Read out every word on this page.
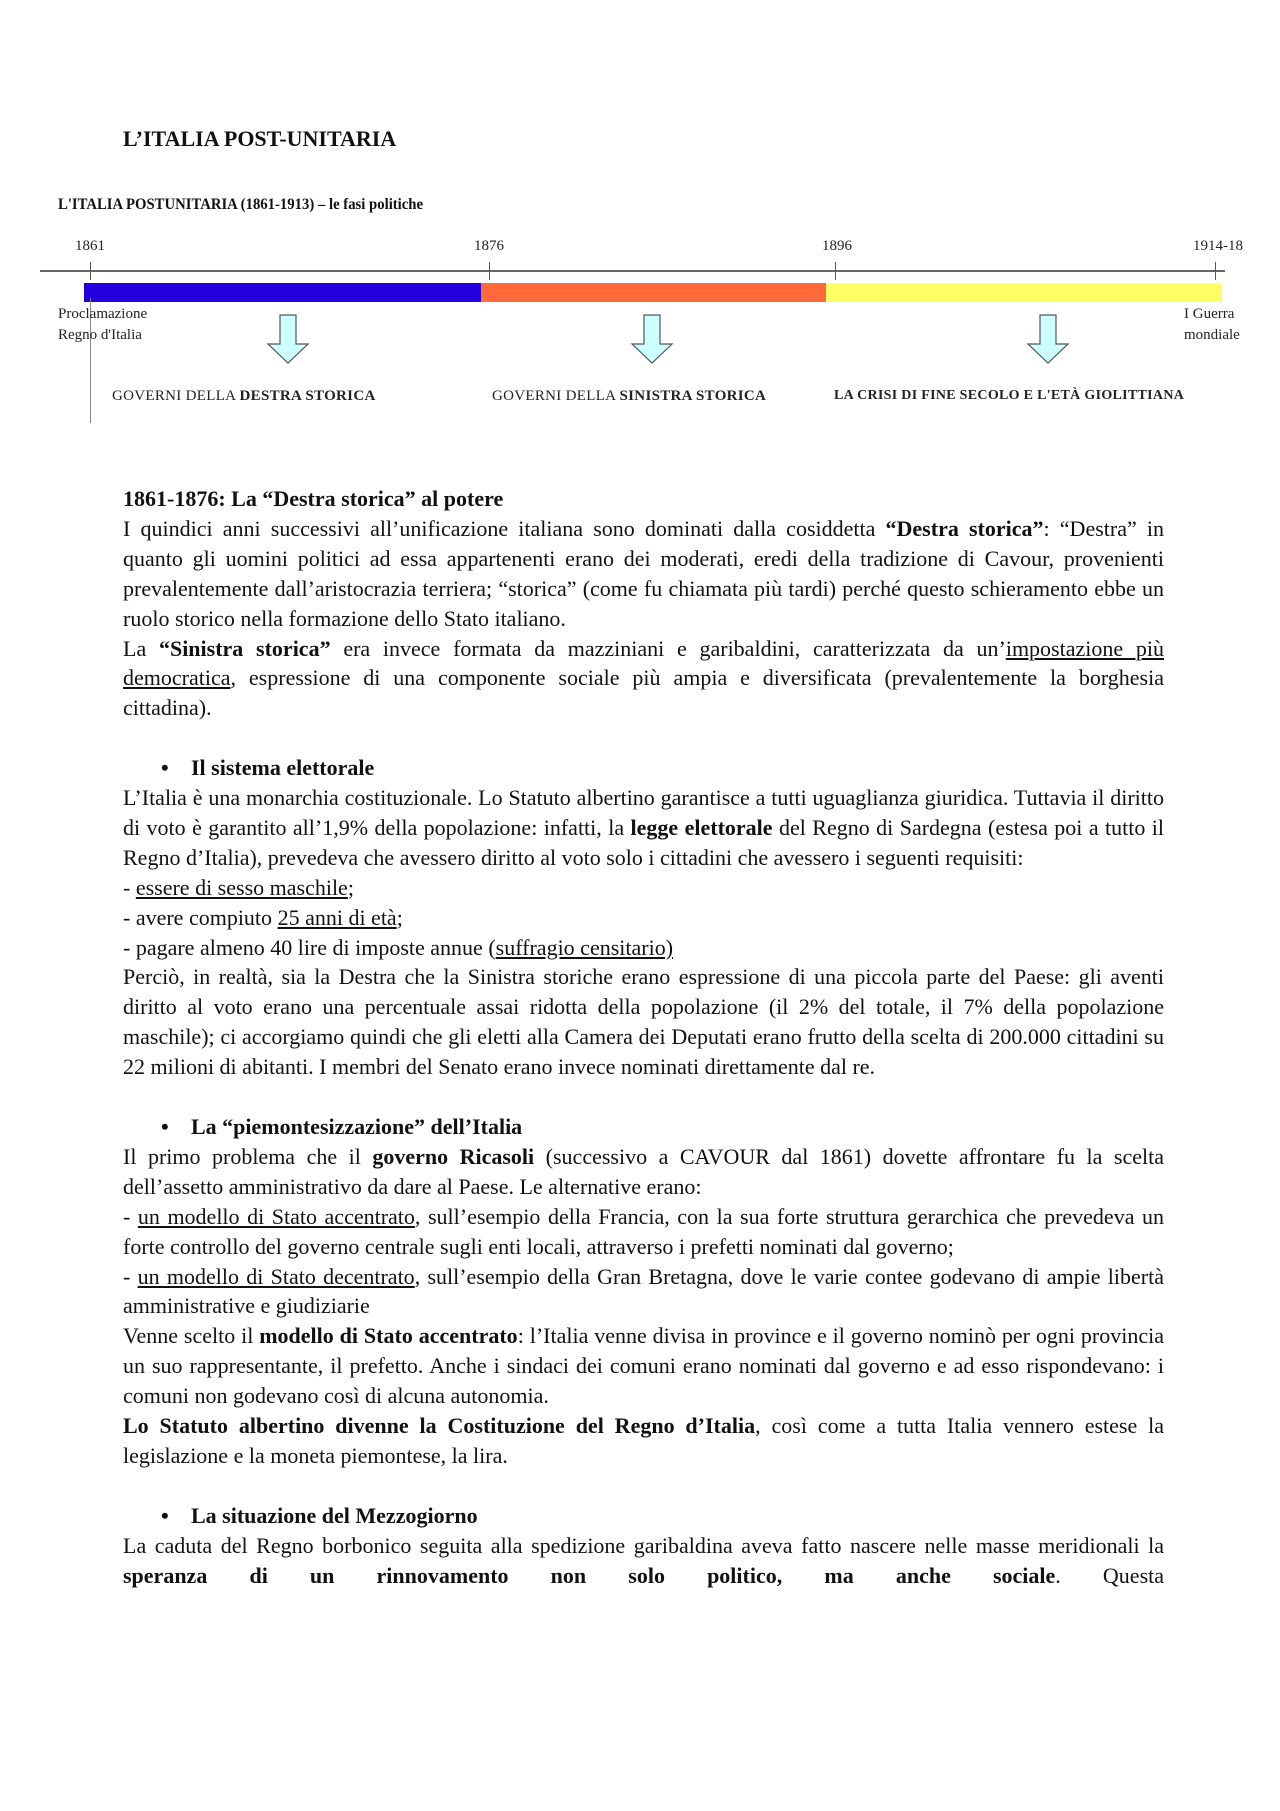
L’ITALIA POST-UNITARIA
L'ITALIA POSTUNITARIA (1861-1913) – le fasi politiche
1861	1876	1896	1914-18
Proclamazione
Regno d'Italia
I Guerra
mondiale
GOVERNI DELLA DESTRA STORICA	GOVERNI DELLA SINISTRA STORICA	LA CRISI DI FINE SECOLO E L'ETÀ GIOLITTIANA
1861-1876: La “Destra storica” al potere
I quindici anni successivi all’unificazione italiana sono dominati dalla cosiddetta “Destra storica”: “Destra” in quanto gli uomini politici ad essa appartenenti erano dei moderati, eredi della tradizione di Cavour, provenienti prevalentemente dall’aristocrazia terriera; “storica” (come fu chiamata più tardi) perché questo schieramento ebbe un ruolo storico nella formazione dello Stato italiano.
La “Sinistra storica” era invece formata da mazziniani e garibaldini, caratterizzata da un’impostazione più democratica, espressione di una componente sociale più ampia e diversificata (prevalentemente la borghesia cittadina).
• Il sistema elettorale
L’Italia è una monarchia costituzionale. Lo Statuto albertino garantisce a tutti uguaglianza giuridica. Tuttavia il diritto di voto è garantito all’1,9% della popolazione: infatti, la legge elettorale del Regno di Sardegna (estesa poi a tutto il Regno d’Italia), prevedeva che avessero diritto al voto solo i cittadini che avessero i seguenti requisiti:
- essere di sesso maschile;
- avere compiuto 25 anni di età;
- pagare almeno 40 lire di imposte annue (suffragio censitario)
Perciò, in realtà, sia la Destra che la Sinistra storiche erano espressione di una piccola parte del Paese: gli aventi diritto al voto erano una percentuale assai ridotta della popolazione (il 2% del totale, il 7% della popolazione maschile); ci accorgiamo quindi che gli eletti alla Camera dei Deputati erano frutto della scelta di 200.000 cittadini su 22 milioni di abitanti. I membri del Senato erano invece nominati direttamente dal re.
• La “piemontesizzazione” dell’Italia
Il primo problema che il governo Ricasoli (successivo a CAVOUR dal 1861) dovette affrontare fu la scelta dell’assetto amministrativo da dare al Paese. Le alternative erano:
- un modello di Stato accentrato, sull’esempio della Francia, con la sua forte struttura gerarchica che prevedeva un forte controllo del governo centrale sugli enti locali, attraverso i prefetti nominati dal governo;
- un modello di Stato decentrato, sull’esempio della Gran Bretagna, dove le varie contee godevano di ampie libertà amministrative e giudiziarie
Venne scelto il modello di Stato accentrato: l’Italia venne divisa in province e il governo nominò per ogni provincia un suo rappresentante, il prefetto. Anche i sindaci dei comuni erano nominati dal governo e ad esso rispondevano: i comuni non godevano così di alcuna autonomia.
Lo Statuto albertino divenne la Costituzione del Regno d’Italia, così come a tutta Italia vennero estese la legislazione e la moneta piemontese, la lira.
• La situazione del Mezzogiorno
La caduta del Regno borbonico seguita alla spedizione garibaldina aveva fatto nascere nelle masse meridionali la speranza di un rinnovamento non solo politico, ma anche sociale. Questa
